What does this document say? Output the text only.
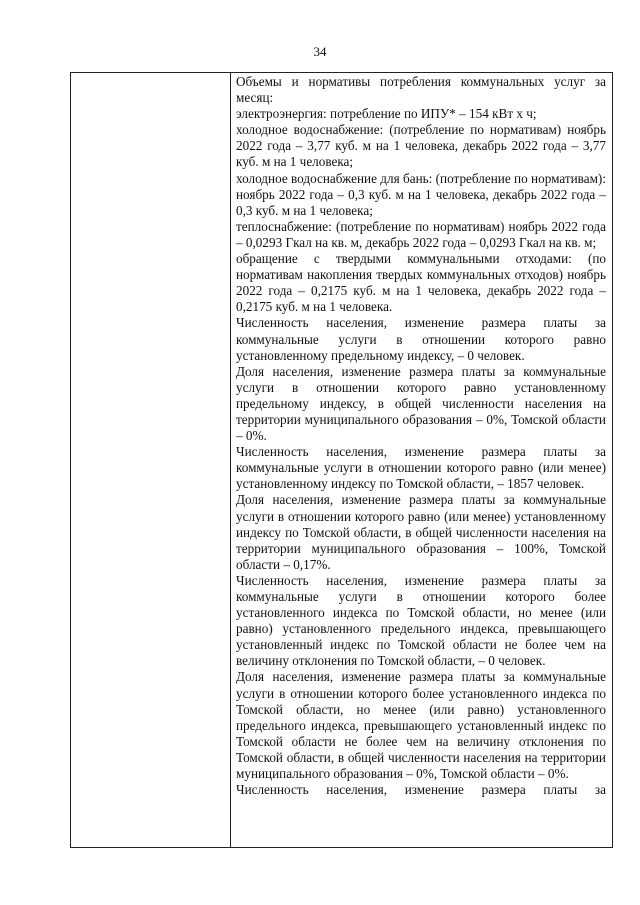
34

Объемы и нормативы потребления коммунальных услуг за месяц:

электроэнергия: потребление по ИПУ* – 154 кВт х ч;

холодное водоснабжение: (потребление по нормативам) ноябрь 2022 года – 3,77 куб. м на 1 человека, декабрь 2022 года – 3,77 куб. м на 1 человека;

холодное водоснабжение для бань: (потребление по нормативам): ноябрь 2022 года – 0,3 куб. м на 1 человека, декабрь 2022 года – 0,3 куб. м на 1 человека;

теплоснабжение: (потребление по нормативам) ноябрь 2022 года – 0,0293 Гкал на кв. м, декабрь 2022 года – 0,0293 Гкал на кв. м;

обращение с твердыми коммунальными отходами: (по нормативам накопления твердых коммунальных отходов) ноябрь 2022 года – 0,2175 куб. м на 1 человека, декабрь 2022 года – 0,2175 куб. м на 1 человека.

Численность населения, изменение размера платы за коммунальные услуги в отношении которого равно установленному предельному индексу, – 0 человек.

Доля населения, изменение размера платы за коммунальные услуги в отношении которого равно установленному предельному индексу, в общей численности населения на территории муниципального образования – 0%, Томской области – 0%.

Численность населения, изменение размера платы за коммунальные услуги в отношении которого равно (или менее) установленному индексу по Томской области, – 1857 человек.

Доля населения, изменение размера платы за коммунальные услуги в отношении которого равно (или менее) установленному индексу по Томской области, в общей численности населения на территории муниципального образования – 100%, Томской области – 0,17%.

Численность населения, изменение размера платы за коммунальные услуги в отношении которого более установленного индекса по Томской области, но менее (или равно) установленного предельного индекса, превышающего установленный индекс по Томской области не более чем на величину отклонения по Томской области, – 0 человек.

Доля населения, изменение размера платы за коммунальные услуги в отношении которого более установленного индекса по Томской области, но менее (или равно) установленного предельного индекса, превышающего установленный индекс по Томской области не более чем на величину отклонения по Томской области, в общей численности населения на территории муниципального образования – 0%, Томской области – 0%.

Численность населения, изменение размера платы за
